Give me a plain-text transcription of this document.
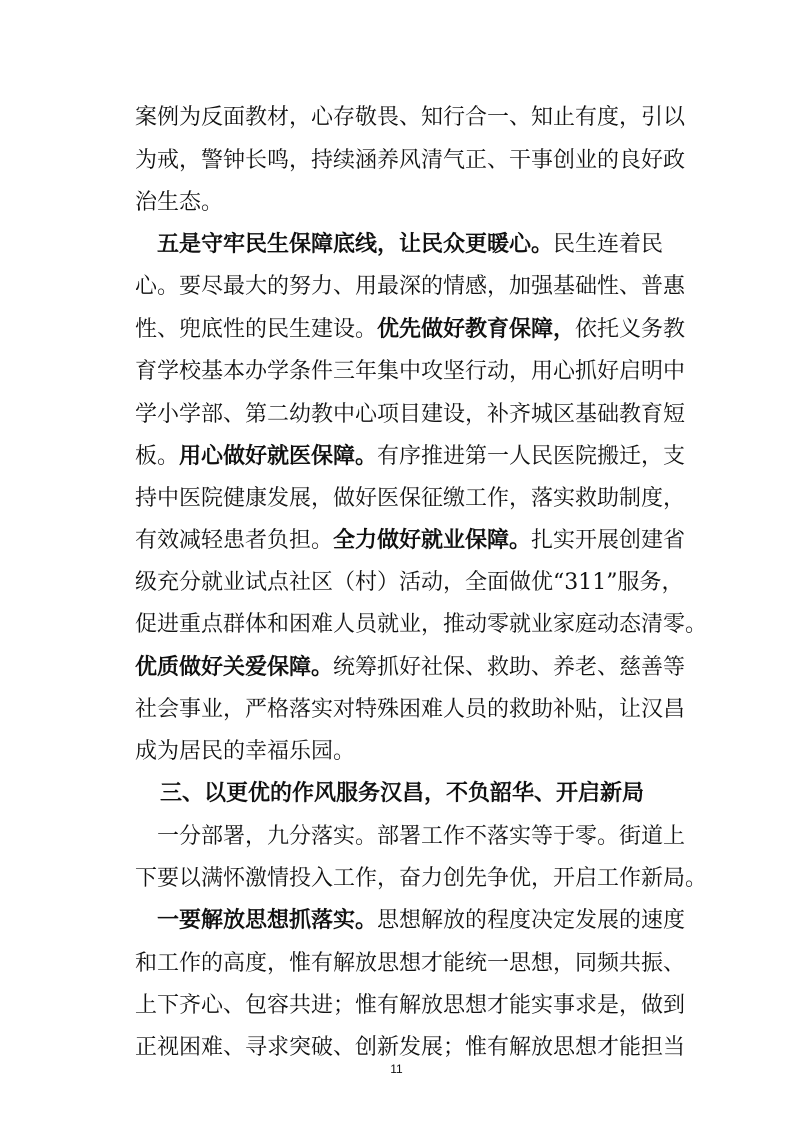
案例为反面教材，心存敬畏、知行合一、知止有度，引以
为戒，警钟长鸣，持续涵养风清气正、干事创业的良好政
治生态。
五是守牢民生保障底线，让民众更暖心。民生连着民
心。要尽最大的努力、用最深的情感，加强基础性、普惠
性、兜底性的民生建设。优先做好教育保障，依托义务教
育学校基本办学条件三年集中攻坚行动，用心抓好启明中
学小学部、第二幼教中心项目建设，补齐城区基础教育短
板。用心做好就医保障。有序推进第一人民医院搬迁，支
持中医院健康发展，做好医保征缴工作，落实救助制度，
有效减轻患者负担。全力做好就业保障。扎实开展创建省
级充分就业试点社区（村）活动，全面做优“311”服务，
促进重点群体和困难人员就业，推动零就业家庭动态清零。
优质做好关爱保障。统筹抓好社保、救助、养老、慈善等
社会事业，严格落实对特殊困难人员的救助补贴，让汉昌
成为居民的幸福乐园。
三、以更优的作风服务汉昌，不负韶华、开启新局
一分部署，九分落实。部署工作不落实等于零。街道上
下要以满怀激情投入工作，奋力创先争优，开启工作新局。
一要解放思想抓落实。思想解放的程度决定发展的速度
和工作的高度，惟有解放思想才能统一思想，同频共振、
上下齐心、包容共进；惟有解放思想才能实事求是，做到
正视困难、寻求突破、创新发展；惟有解放思想才能担当
11
